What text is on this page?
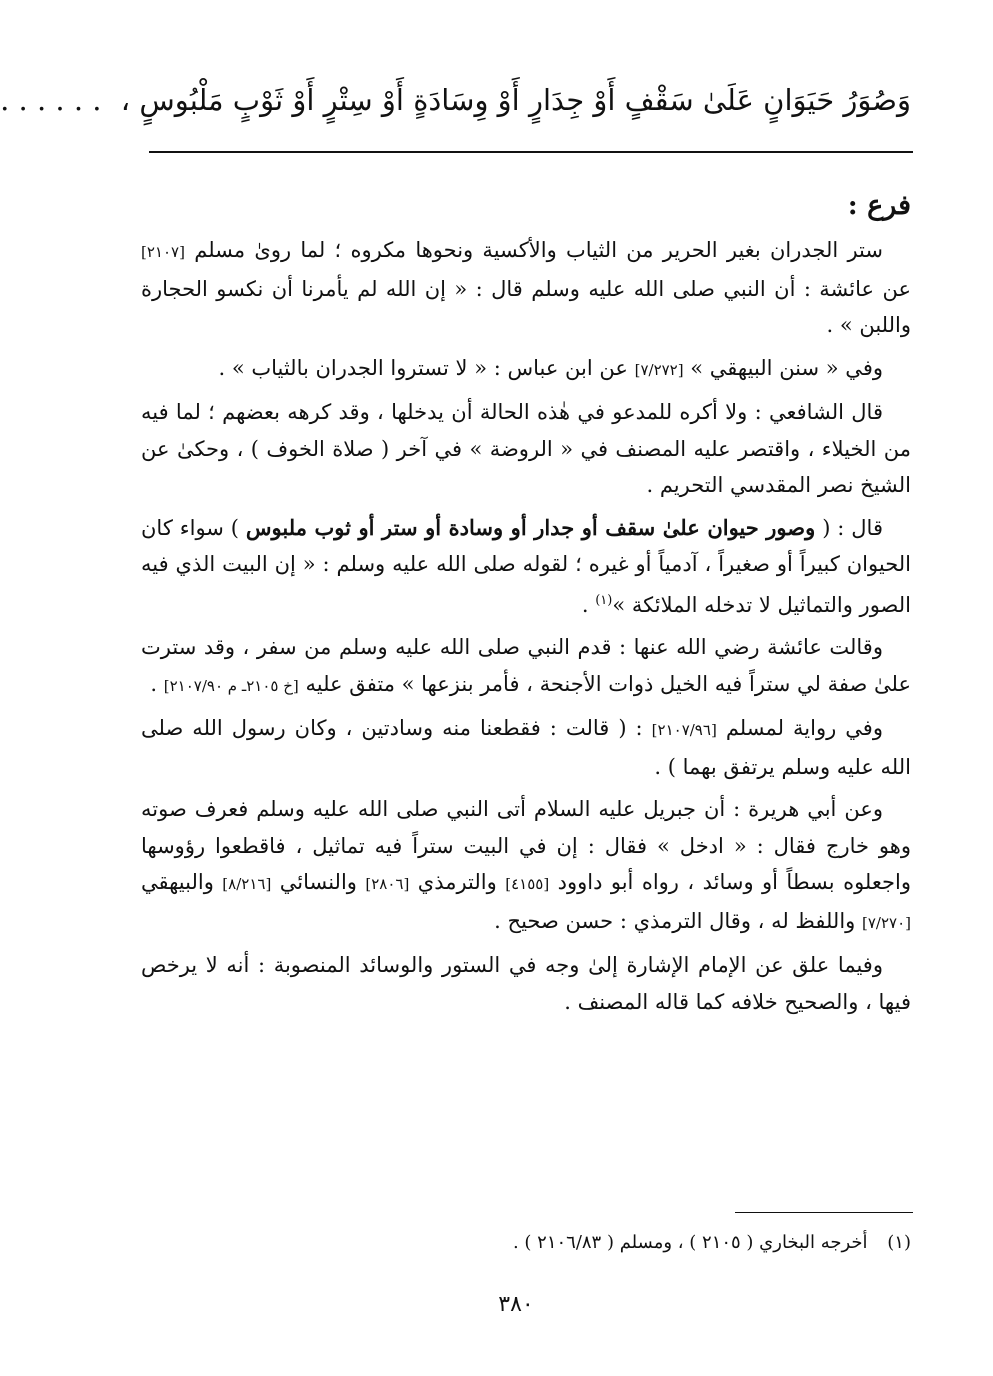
وَصُوَرُ حَيَوَانٍ عَلَىٰ سَقْفٍ أَوْ جِدَارٍ أَوْ وِسَادَةٍ أَوْ سِتْرٍ أَوْ ثَوْبٍ مَلْبُوسٍ ، . . . . . .
فرع :

ستر الجدران بغير الحرير من الثياب والأكسية ونحوها مكروه ؛ لما روىٰ مسلم [٢١٠٧] عن عائشة : أن النبي صلى الله عليه وسلم قال : « إن الله لم يأمرنا أن نكسو الحجارة واللبن » .

وفي « سنن البيهقي » [٧/٢٧٢] عن ابن عباس : « لا تستروا الجدران بالثياب » .

قال الشافعي : ولا أكره للمدعو في هٰذه الحالة أن يدخلها ، وقد كرهه بعضهم ؛ لما فيه من الخيلاء ، واقتصر عليه المصنف في « الروضة » في آخر ( صلاة الخوف ) ، وحكىٰ عن الشيخ نصر المقدسي التحريم .

قال : ( وصور حيوان علىٰ سقف أو جدار أو وسادة أو ستر أو ثوب ملبوس ) سواء كان الحيوان كبيراً أو صغيراً ، آدمياً أو غيره ؛ لقوله صلى الله عليه وسلم : « إن البيت الذي فيه الصور والتماثيل لا تدخله الملائكة »$^{(١)}$ .

وقالت عائشة رضي الله عنها : قدم النبي صلى الله عليه وسلم من سفر ، وقد سترت علىٰ صفة لي ستراً فيه الخيل ذوات الأجنحة ، فأمر بنزعها » متفق عليه [خ ٢١٠٥ـ م ٢١٠٧/٩٠] .

وفي رواية لمسلم [٢١٠٧/٩٦] : ( قالت : فقطعنا منه وسادتين ، وكان رسول الله صلى الله عليه وسلم يرتفق بهما ) .

وعن أبي هريرة : أن جبريل عليه السلام أتى النبي صلى الله عليه وسلم فعرف صوته وهو خارج فقال : « ادخل » فقال : إن في البيت ستراً فيه تماثيل ، فاقطعوا رؤوسها واجعلوه بسطاً أو وسائد ، رواه أبو داوود [٤١٥٥] والترمذي [٢٨٠٦] والنسائي [٨/٢١٦] والبيهقي [٧/٢٧٠] واللفظ له ، وقال الترمذي : حسن صحيح .

وفيما علق عن الإمام الإشارة إلىٰ وجه في الستور والوسائد المنصوبة : أنه لا يرخص فيها ، والصحيح خلافه كما قاله المصنف .

(١) أخرجه البخاري ( ٢١٠٥ ) ، ومسلم ( ٢١٠٦/٨٣ ) .
٣٨٠
